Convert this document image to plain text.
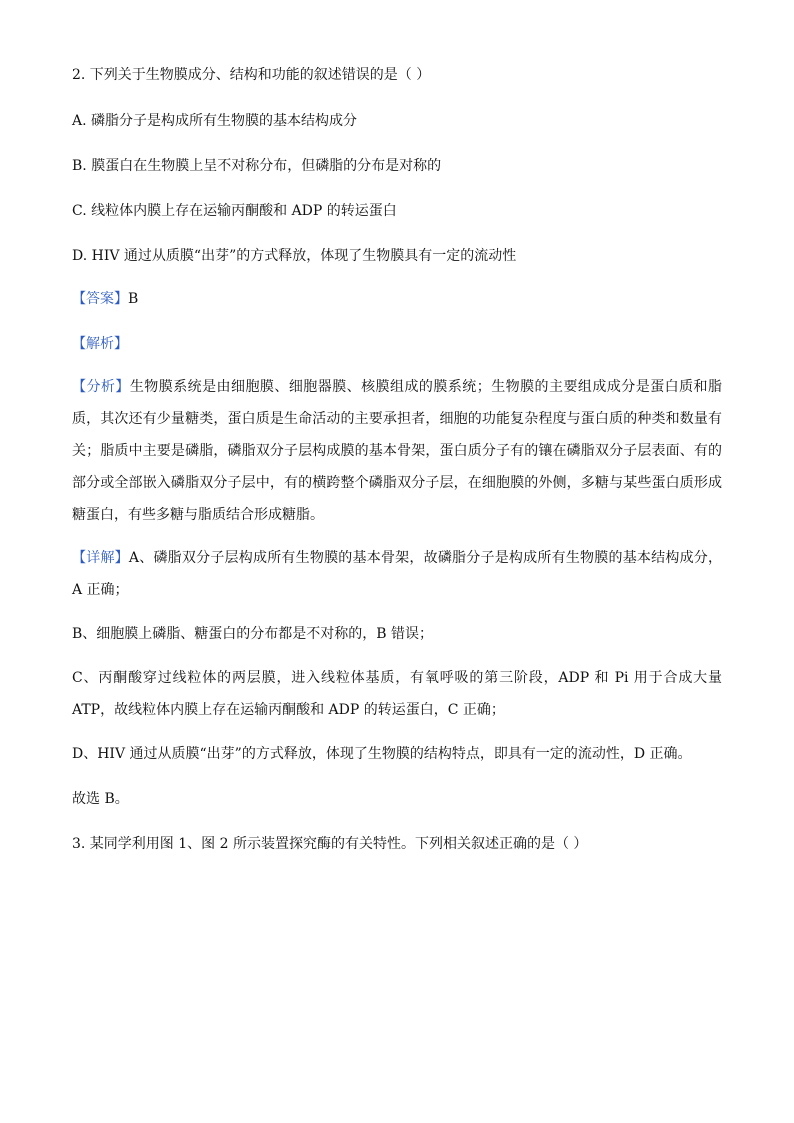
2. 下列关于生物膜成分、结构和功能的叙述错误的是（ ）
A. 磷脂分子是构成所有生物膜的基本结构成分
B. 膜蛋白在生物膜上呈不对称分布，但磷脂的分布是对称的
C. 线粒体内膜上存在运输丙酮酸和 ADP 的转运蛋白
D. HIV 通过从质膜“出芽”的方式释放，体现了生物膜具有一定的流动性
【答案】B
【解析】
【分析】生物膜系统是由细胞膜、细胞器膜、核膜组成的膜系统；生物膜的主要组成成分是蛋白质和脂质，其次还有少量糖类，蛋白质是生命活动的主要承担者，细胞的功能复杂程度与蛋白质的种类和数量有关；脂质中主要是磷脂，磷脂双分子层构成膜的基本骨架，蛋白质分子有的镶在磷脂双分子层表面、有的部分或全部嵌入磷脂双分子层中，有的横跨整个磷脂双分子层，在细胞膜的外侧，多糖与某些蛋白质形成糖蛋白，有些多糖与脂质结合形成糖脂。
【详解】A、磷脂双分子层构成所有生物膜的基本骨架，故磷脂分子是构成所有生物膜的基本结构成分，A 正确；
B、细胞膜上磷脂、糖蛋白的分布都是不对称的，B 错误；
C、丙酮酸穿过线粒体的两层膜，进入线粒体基质，有氧呼吸的第三阶段，ADP 和 Pi 用于合成大量 ATP，故线粒体内膜上存在运输丙酮酸和 ADP 的转运蛋白，C 正确；
D、HIV 通过从质膜“出芽”的方式释放，体现了生物膜的结构特点，即具有一定的流动性，D 正确。
故选 B。
3. 某同学利用图 1、图 2 所示装置探究酶的有关特性。下列相关叙述正确的是（ ）
